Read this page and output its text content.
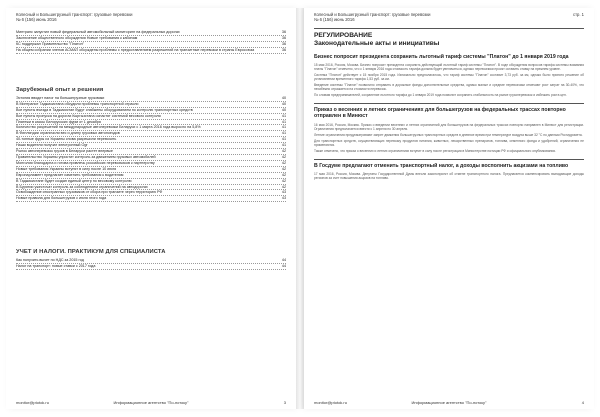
Колесный и Большегрузный транспорт: грузовые перевозки
№ 6 (156) июнь 2016
Минтранс запустил новый федеральный автомобильный мониторинг на федеральных дорогах	36
Заключение общественного обсуждения Новые требования к кабинам	36
КС поддержал Правительство "Платон"	36
На общем собрании членов АСМАП обсуждены проблемы с предоставлением разрешений на транзитные перевозки в страны Евросоюза	36
Зарубежный опыт и решения
Эстония вводит налог на большегрузные грузовики	40
В Минтрансе Таджикистана обсудили проблемы транспортной отрасли	40
Все пункты въезда в Таджикистан будут снабжены оборудованием по контролю транспортных средств	40
Все пункты пропуска на дорогах Кыргызстана оснастят системой весового контроля	41
Платежи в кассы Белорусских фурм от 1 декабря	41
Количество разрешений на международные автоперевозки Беларуси с 1 марта 2016 года выросло на 5,8%	41
В Финляндии ограничили вес и длину грузовых автопоездов	41
40-тонные фуры из Украины снова разрешили перевозить	41
Наши водители получат электронный Ogr	41
Рынок автоперевозок грузов в Беларуси растет впервые	42
Правительство Украины упростит контроль за движением грузовых автомобилей	42
Монголия благодарна и готова привлечь российских перевозчиков к партнерству	42
Новые требования Украины вступят в силу после 10 июля	42
Европарламент предлагает изменить требования к водителям	42
В Таджикистане будет создан единый центр по весовому контролю	42
В Бурятии ужесточат контроль за соблюдением ограничений на автодорогах	42
Освобождение иностранных грузовиков от сбора при транзите через территорию РФ	43
Новые правила для большегрузов с июля этого года	43
УЧЕТ И НАЛОГИ. ПРАКТИКУМ ДЛЯ СПЕЦИАЛИСТА
Как получить вычет по НДС за 2015 год	44
Налог на транспорт: новые ставки с 2017 года	44
monitor@ptotok.ru	Информационное агентство "По-потоку"	3
Колесный и Большегрузный транспорт: грузовые перевозки
№ 6 (156) июнь 2016
стр. 1
РЕГУЛИРОВАНИЕ
Законодательные акты и инициативы
Бизнес попросит президента сохранить льготный тариф системы "Платон" до 1 января 2019 года
15 мая 2016, Россия, Москва. Бизнес попросит президента сохранить действующий льготный тариф системы "Платон". В ходе обсуждения вопросов тарифа системы взимания платы "Платон" отмечено, что с 1 января 2016 года стоимость тарифа должна будет увеличиться, однако перевозчики просят оставить ставку на прежнем уровне.
Система "Платон" действует с 15 ноября 2015 года. Изначально предполагалось, что тариф системы "Платон" составит 3,73 руб. за км, однако было принято решение об установлении временного тарифа 1,53 руб. за км.
Введение системы "Платон" позволило отправить в дорожные фонды дополнительные средства, однако малые и средние перевозчики отмечают рост затрат на 30-40%, что неизбежно отражается на стоимости перевозок.
По словам предпринимателей, сохранение льготного тарифа до 1 января 2019 года позволит сохранить стабильность на рынке грузоперевозок и избежать роста цен.
Приказ о весенних и летних ограничениях для большегрузов на федеральных трассах повторно отправлен в Минюст
16 мая 2016, Россия, Москва. Приказ о введении весенних и летних ограничений для большегрузов на федеральных трассах повторно направлен в Минюст для регистрации. Ограничения предполагается ввести с 1 апреля по 30 апреля.
Летние ограничения предусматривают запрет движения большегрузных транспортных средств в дневное время при температуре воздуха выше 32 °С по данным Росгидромета.
Для транспортных средств, осуществляющих перевозку продуктов питания, животных, лекарственных препаратов, топлива, семенного фонда и удобрений, ограничения не применяются.
Также отмечено, что приказ о весенних и летних ограничениях вступит в силу после регистрации в Министерстве юстиции РФ и официального опубликования.
В Госдуме предлагают отменить транспортный налог, а доходы восполнить акцизами на топливо
17 мая 2016, Россия, Москва. Депутаты Государственной Думы внесли законопроект об отмене транспортного налога. Предлагается компенсировать выпадающие доходы регионов за счет повышения акцизов на топливо.
monitor@ptotok.ru	Информационное агентство "По-потоку"	4
